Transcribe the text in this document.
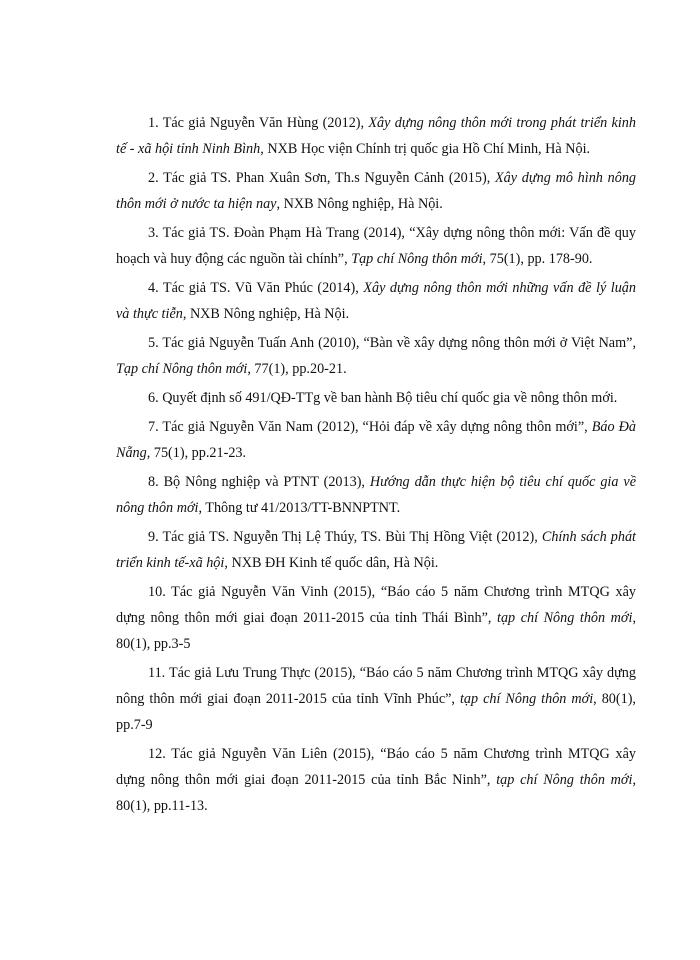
1. Tác giả Nguyễn Văn Hùng (2012), Xây dựng nông thôn mới trong phát triển kinh tế - xã hội tỉnh Ninh Bình, NXB Học viện Chính trị quốc gia Hồ Chí Minh, Hà Nội.

2. Tác giả TS. Phan Xuân Sơn, Th.s Nguyễn Cảnh (2015), Xây dựng mô hình nông thôn mới ở nước ta hiện nay, NXB Nông nghiệp, Hà Nội.

3. Tác giả TS. Đoàn Phạm Hà Trang (2014), “Xây dựng nông thôn mới: Vấn đề quy hoạch và huy động các nguồn tài chính”, Tạp chí Nông thôn mới, 75(1), pp. 178-90.

4. Tác giả TS. Vũ Văn Phúc (2014), Xây dựng nông thôn mới những vấn đề lý luận và thực tiễn, NXB Nông nghiệp, Hà Nội.

5. Tác giả Nguyễn Tuấn Anh (2010), “Bàn về xây dựng nông thôn mới ở Việt Nam”, Tạp chí Nông thôn mới, 77(1), pp.20-21.

6. Quyết định số 491/QĐ-TTg về ban hành Bộ tiêu chí quốc gia về nông thôn mới.

7. Tác giả Nguyễn Văn Nam (2012), “Hỏi đáp về xây dựng nông thôn mới”, Báo Đà Nẵng, 75(1), pp.21-23.

8. Bộ Nông nghiệp và PTNT (2013), Hướng dẫn thực hiện bộ tiêu chí quốc gia về nông thôn mới, Thông tư 41/2013/TT-BNNPTNT.

9. Tác giả TS. Nguyễn Thị Lệ Thúy, TS. Bùi Thị Hồng Việt (2012), Chính sách phát triển kinh tế-xã hội, NXB ĐH Kinh tế quốc dân, Hà Nội.

10. Tác giả Nguyễn Văn Vinh (2015), “Báo cáo 5 năm Chương trình MTQG xây dựng nông thôn mới giai đoạn 2011-2015 của tỉnh Thái Bình”, tạp chí Nông thôn mới, 80(1), pp.3-5

11. Tác giả Lưu Trung Thực (2015), “Báo cáo 5 năm Chương trình MTQG xây dựng nông thôn mới giai đoạn 2011-2015 của tỉnh Vĩnh Phúc”, tạp chí Nông thôn mới, 80(1), pp.7-9

12. Tác giả Nguyễn Văn Liên (2015), “Báo cáo 5 năm Chương trình MTQG xây dựng nông thôn mới giai đoạn 2011-2015 của tỉnh Bắc Ninh”, tạp chí Nông thôn mới, 80(1), pp.11-13.
